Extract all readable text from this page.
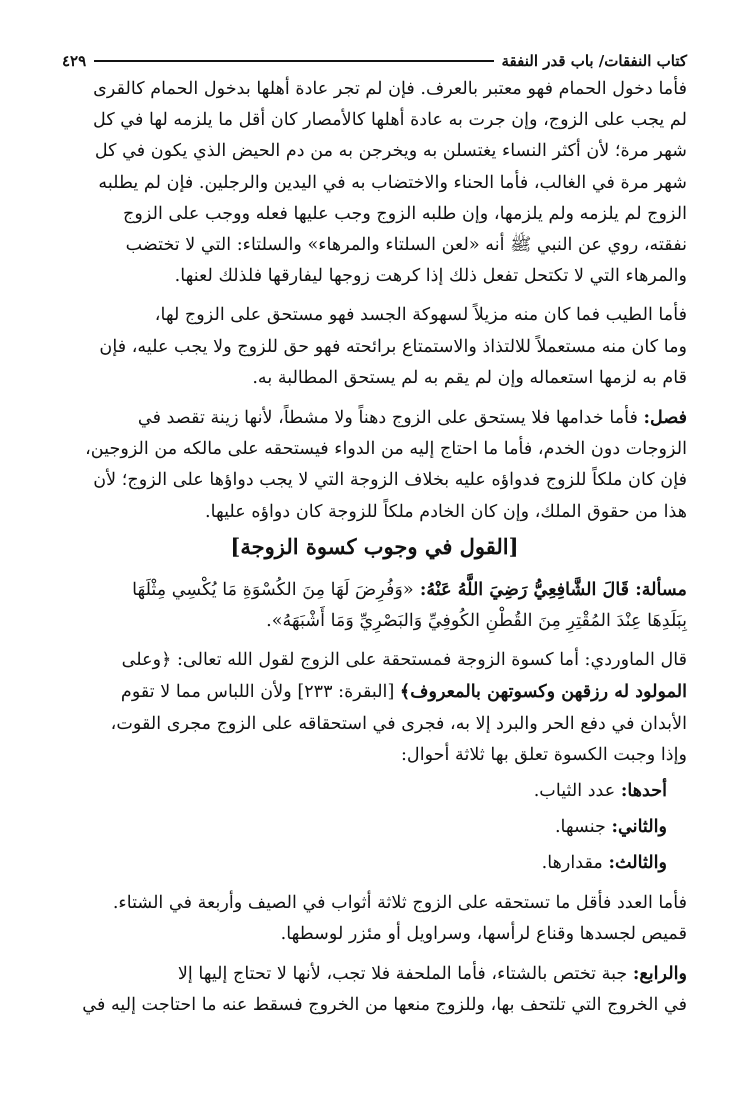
كتاب النفقات/ باب قدر النفقة
٤٢٩

فأما دخول الحمام فهو معتبر بالعرف. فإن لم تجر عادة أهلها بدخول الحمام كالقرى

لم يجب على الزوج، وإن جرت به عادة أهلها كالأمصار كان أقل ما يلزمه لها في كل

شهر مرة؛ لأن أكثر النساء يغتسلن به ويخرجن به من دم الحيض الذي يكون في كل

شهر مرة في الغالب، فأما الحناء والاختضاب به في اليدين والرجلين. فإن لم يطلبه

الزوج لم يلزمه ولم يلزمها، وإن طلبه الزوج وجب عليها فعله ووجب على الزوج

نفقته، روي عن النبي ﷺ أنه «لعن السلتاء والمرهاء» والسلتاء: التي لا تختضب

والمرهاء التي لا تكتحل تفعل ذلك إذا كرهت زوجها ليفارقها فلذلك لعنها.

فأما الطيب فما كان منه مزيلاً لسهوكة الجسد فهو مستحق على الزوج لها،

وما كان منه مستعملاً للالتذاذ والاستمتاع برائحته فهو حق للزوج ولا يجب عليه، فإن

قام به لزمها استعماله وإن لم يقم به لم يستحق المطالبة به.

فصل: فأما خدامها فلا يستحق على الزوج دهناً ولا مشطاً، لأنها زينة تقصد في

الزوجات دون الخدم، فأما ما احتاج إليه من الدواء فيستحقه على مالكه من الزوجين،

فإن كان ملكاً للزوج فدواؤه عليه بخلاف الزوجة التي لا يجب دواؤها على الزوج؛ لأن

هذا من حقوق الملك، وإن كان الخادم ملكاً للزوجة كان دواؤه عليها.

[القول في وجوب كسوة الزوجة]
مسألة: قَالَ الشَّافِعِيُّ رَضِيَ اللَّهُ عَنْهُ: «وَفُرِضَ لَهَا مِنَ الكُسْوَةِ مَا يُكْسِي مِثْلَهَا
بِبَلَدِهَا عِنْدَ المُقْتِرِ مِنَ القُطْنِ الكُوفِيِّ وَالبَصْرِيِّ وَمَا أَشْبَهَهُ».

قال الماوردي: أما كسوة الزوجة فمستحقة على الزوج لقول الله تعالى: ﴿وعلى

المولود له رزقهن وكسوتهن بالمعروف﴾ [البقرة: ٢٣٣] ولأن اللباس مما لا تقوم

الأبدان في دفع الحر والبرد إلا به، فجرى في استحقاقه على الزوج مجرى القوت،

وإذا وجبت الكسوة تعلق بها ثلاثة أحوال:

أحدها: عدد الثياب.

والثاني: جنسها.

والثالث: مقدارها.

فأما العدد فأقل ما تستحقه على الزوج ثلاثة أثواب في الصيف وأربعة في الشتاء.

قميص لجسدها وقناع لرأسها، وسراويل أو مئزر لوسطها.

والرابع: جبة تختص بالشتاء، فأما الملحفة فلا تجب، لأنها لا تحتاج إليها إلا

في الخروج التي تلتحف بها، وللزوج منعها من الخروج فسقط عنه ما احتاجت إليه في
